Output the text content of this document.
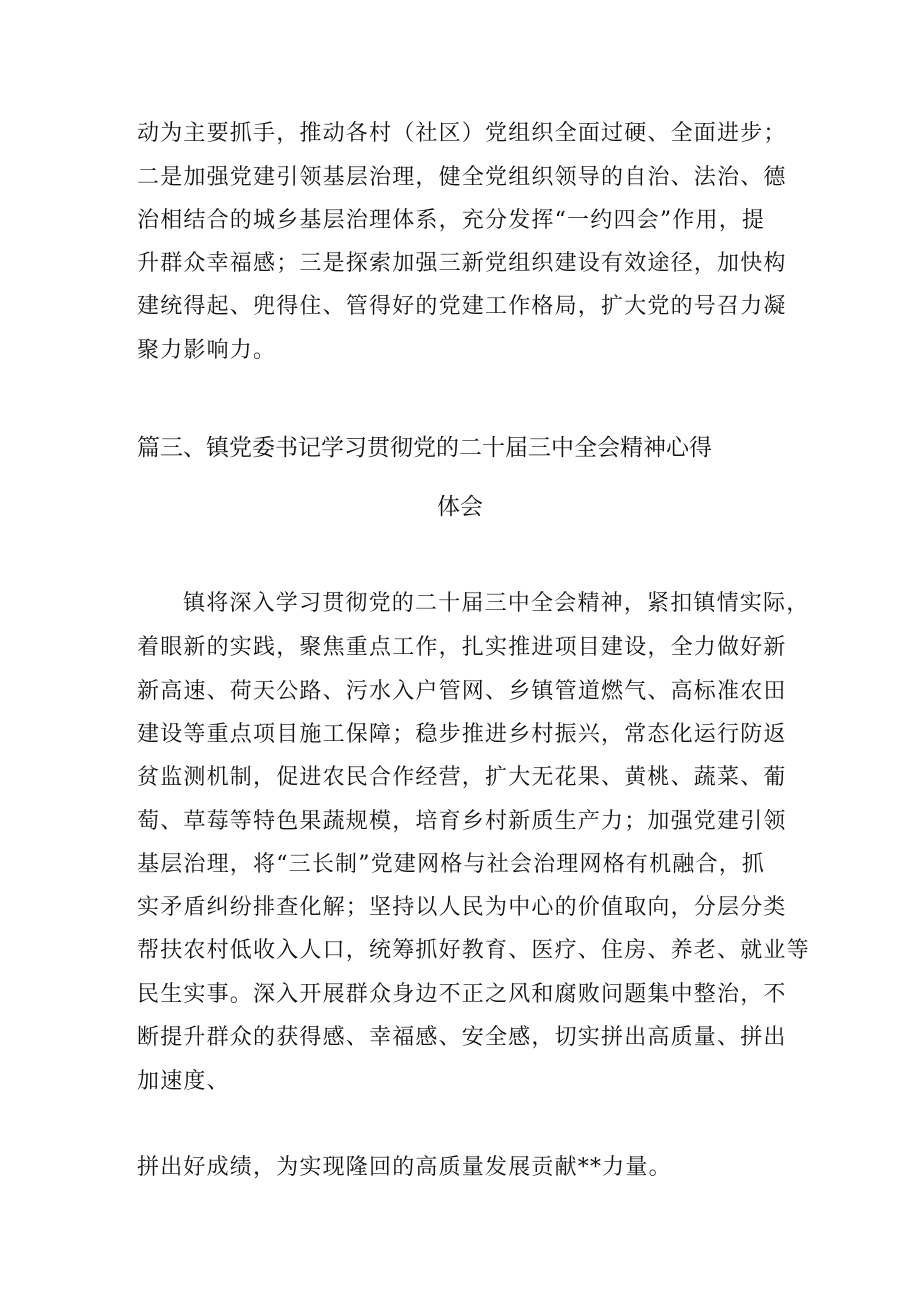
动为主要抓手，推动各村（社区）党组织全面过硬、全面进步；
二是加强党建引领基层治理，健全党组织领导的自治、法治、德
治相结合的城乡基层治理体系，充分发挥“一约四会”作用，提
升群众幸福感；三是探索加强三新党组织建设有效途径，加快构
建统得起、兜得住、管得好的党建工作格局，扩大党的号召力凝
聚力影响力。
篇三、镇党委书记学习贯彻党的二十届三中全会精神心得
体会
镇将深入学习贯彻党的二十届三中全会精神，紧扣镇情实际，
着眼新的实践，聚焦重点工作，扎实推进项目建设，全力做好新
新高速、荷天公路、污水入户管网、乡镇管道燃气、高标准农田
建设等重点项目施工保障；稳步推进乡村振兴，常态化运行防返
贫监测机制，促进农民合作经营，扩大无花果、黄桃、蔬菜、葡
萄、草莓等特色果蔬规模，培育乡村新质生产力；加强党建引领
基层治理，将“三长制”党建网格与社会治理网格有机融合，抓
实矛盾纠纷排查化解；坚持以人民为中心的价值取向，分层分类
帮扶农村低收入人口，统筹抓好教育、医疗、住房、养老、就业等
民生实事。深入开展群众身边不正之风和腐败问题集中整治，不
断提升群众的获得感、幸福感、安全感，切实拼出高质量、拼出
加速度、
拼出好成绩，为实现隆回的高质量发展贡献**力量。
